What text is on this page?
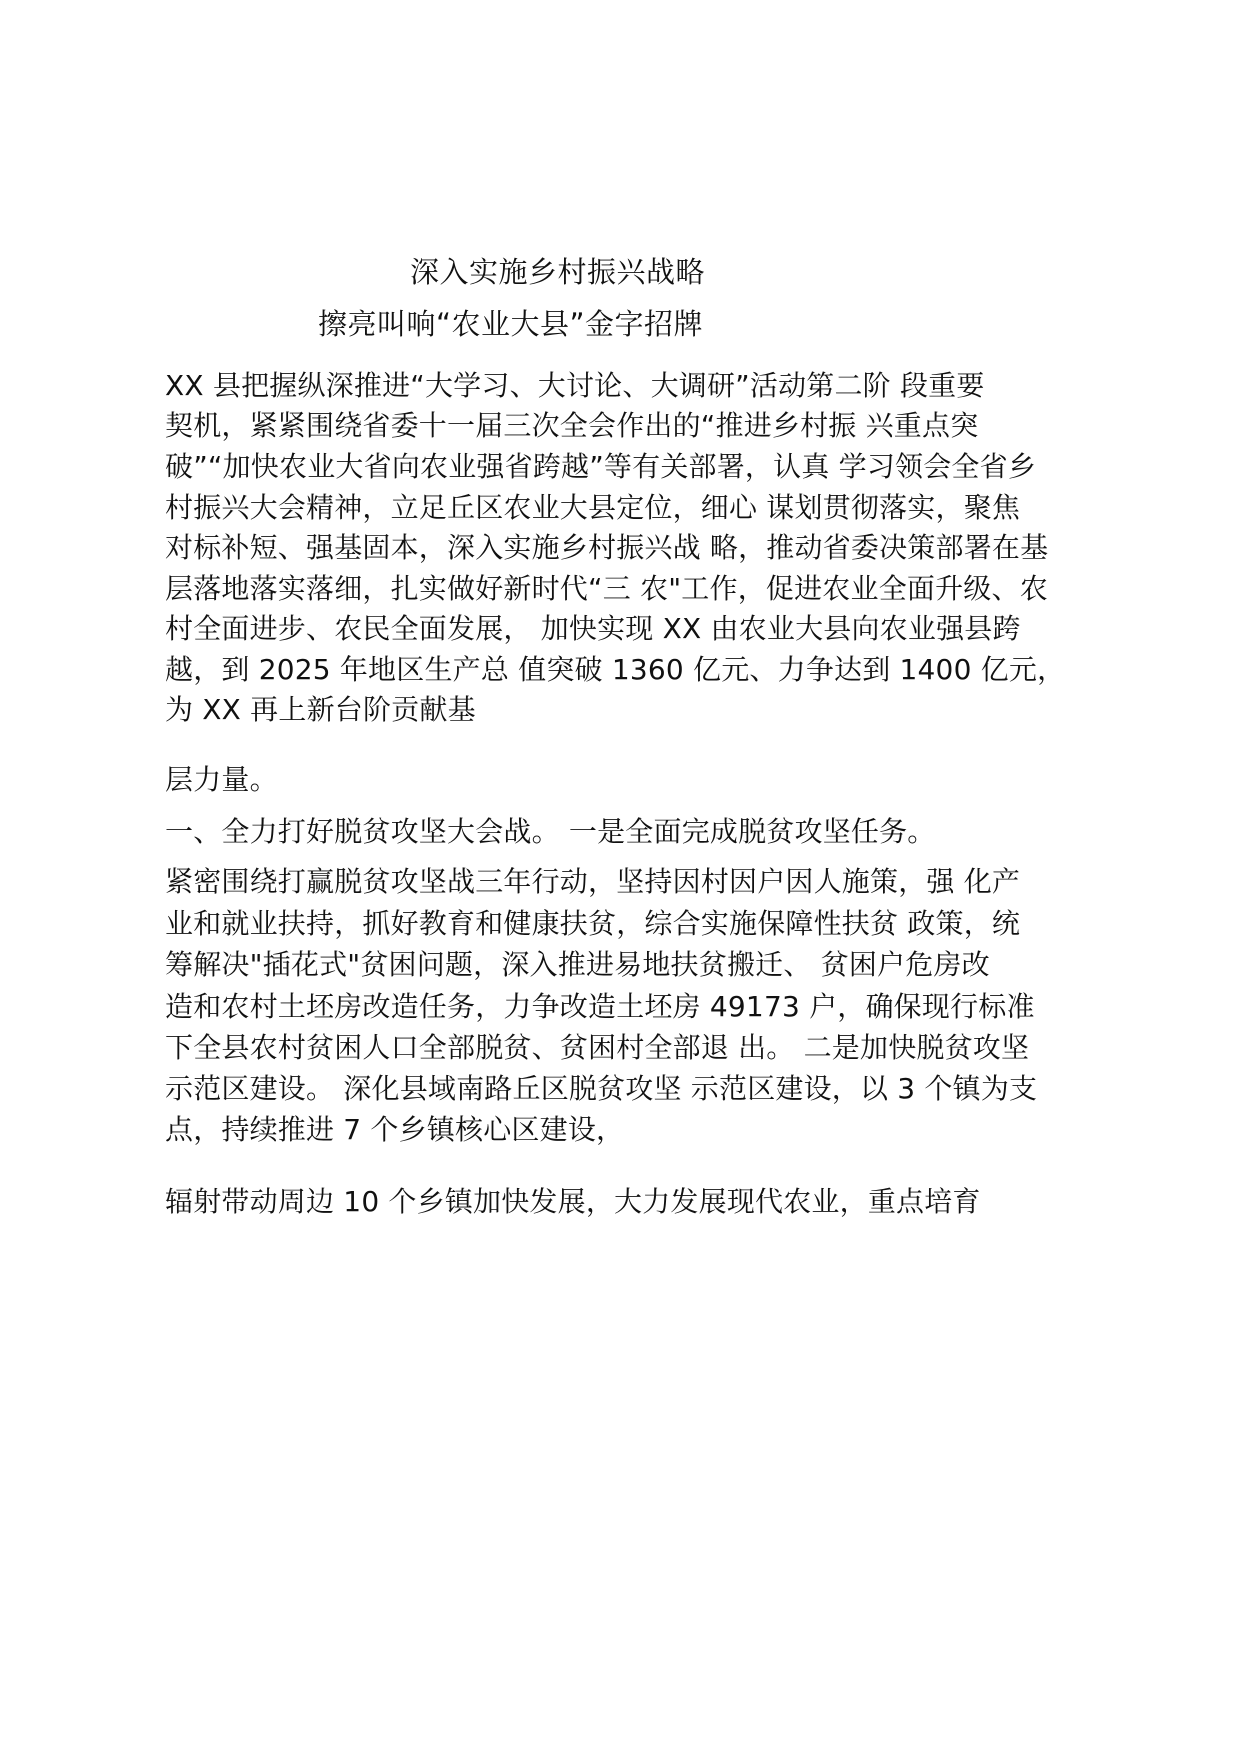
深入实施乡村振兴战略
擦亮叫响“农业大县”金字招牌
XX 县把握纵深推进“大学习、大讨论、大调研”活动第二阶 段重要
契机，紧紧围绕省委十一届三次全会作出的“推进乡村振 兴重点突
破”“加快农业大省向农业强省跨越”等有关部署，认真 学习领会全省乡
村振兴大会精神，立足丘区农业大县定位，细心 谋划贯彻落实，聚焦
对标补短、强基固本，深入实施乡村振兴战 略，推动省委决策部署在基
层落地落实落细，扎实做好新时代“三 农"工作，促进农业全面升级、农
村全面进步、农民全面发展， 加快实现 XX 由农业大县向农业强县跨
越，到 2025 年地区生产总 值突破 1360 亿元、力争达到 1400 亿元，
为 XX 再上新台阶贡献基
层力量。
一、全力打好脱贫攻坚大会战。 一是全面完成脱贫攻坚任务。
紧密围绕打赢脱贫攻坚战三年行动，坚持因村因户因人施策，强 化产
业和就业扶持，抓好教育和健康扶贫，综合实施保障性扶贫 政策，统
筹解决"插花式"贫困问题，深入推进易地扶贫搬迁、 贫困户危房改
造和农村土坯房改造任务，力争改造土坯房 49173 户，确保现行标准
下全县农村贫困人口全部脱贫、贫困村全部退 出。 二是加快脱贫攻坚
示范区建设。 深化县域南路丘区脱贫攻坚 示范区建设，以 3 个镇为支
点，持续推进 7 个乡镇核心区建设，
辐射带动周边 10 个乡镇加快发展，大力发展现代农业，重点培育
